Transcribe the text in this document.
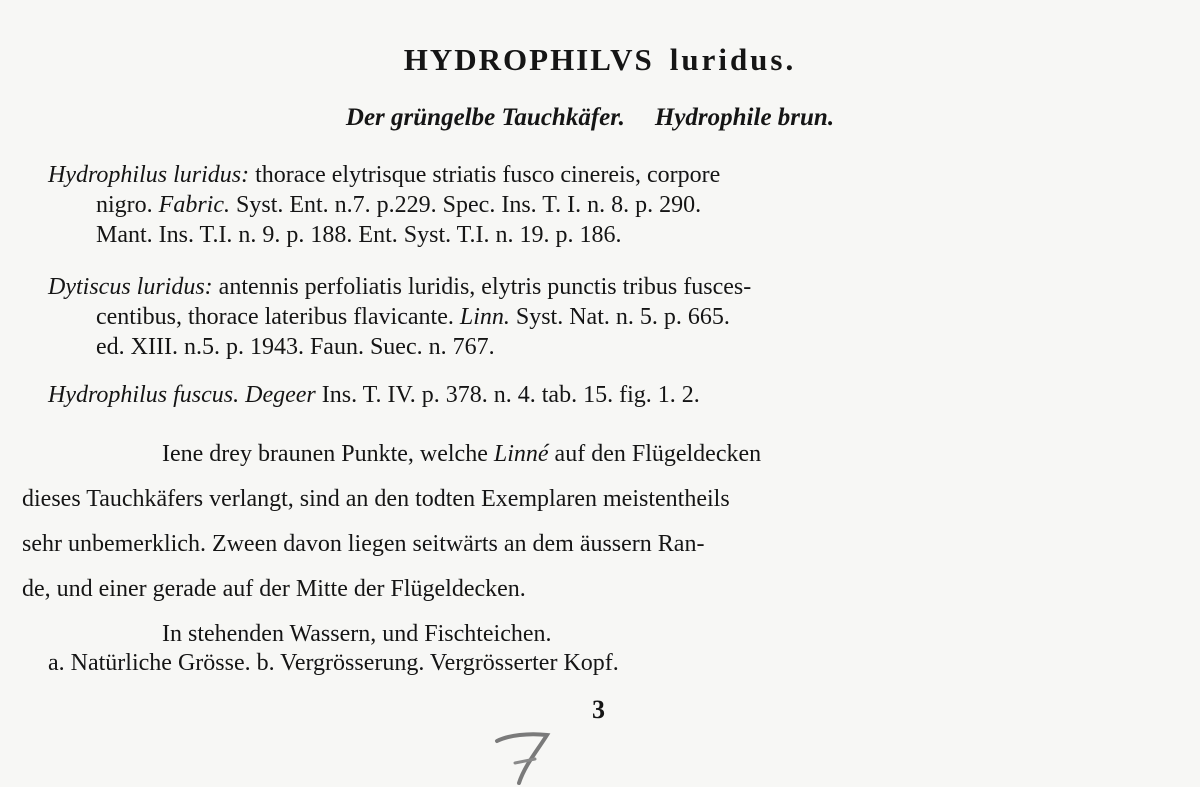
HYDROPHILVS luridus.
Der grüngelbe Tauchkäfer. Hydrophile brun.
Hydrophilus luridus: thorace elytrisque striatis fusco cinereis, corpore
nigro. Fabric. Syst. Ent. n.7. p.229. Spec. Ins. T. I. n. 8. p. 290.
Mant. Ins. T.I. n. 9. p. 188. Ent. Syst. T.I. n. 19. p. 186.
Dytiscus luridus: antennis perfoliatis luridis, elytris punctis tribus fusces-
centibus, thorace lateribus flavicante. Linn. Syst. Nat. n. 5. p. 665.
ed. XIII. n.5. p. 1943. Faun. Suec. n. 767.
Hydrophilus fuscus. Degeer Ins. T. IV. p. 378. n. 4. tab. 15. fig. 1. 2.
Iene drey braunen Punkte, welche Linné auf den Flügeldecken
dieses Tauchkäfers verlangt, sind an den todten Exemplaren meistentheils
sehr unbemerklich. Zween davon liegen seitwärts an dem äussern Ran-
de, und einer gerade auf der Mitte der Flügeldecken.
In stehenden Wassern, und Fischteichen.
a. Natürliche Grösse. b. Vergrösserung. Vergrösserter Kopf.
3
